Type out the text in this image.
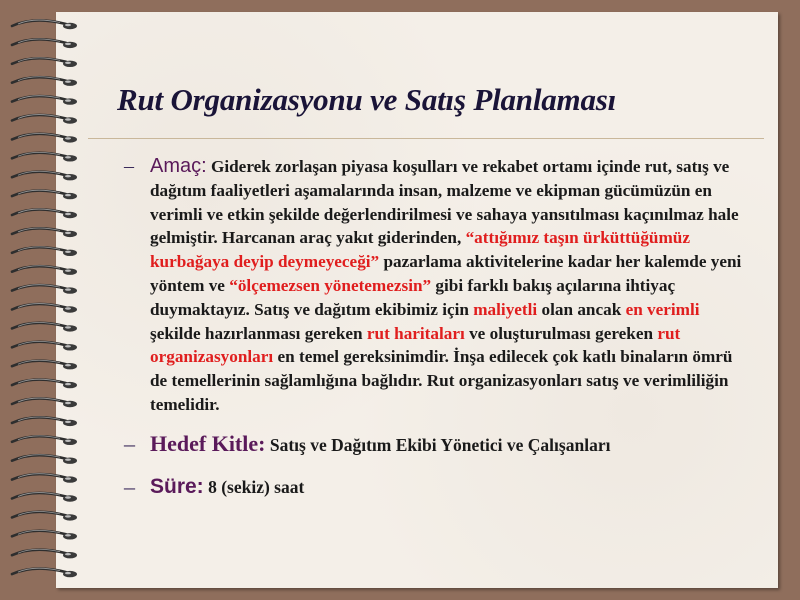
Rut Organizasyonu ve Satış Planlaması
– Amaç: Giderek zorlaşan piyasa koşulları ve rekabet ortamı içinde rut, satış ve dağıtım faaliyetleri aşamalarında insan, malzeme ve ekipman gücümüzün en verimli ve etkin şekilde değerlendirilmesi ve sahaya yansıtılması kaçınılmaz hale gelmiştir. Harcanan araç yakıt giderinden, “attığımız taşın ürküttüğümüz kurbağaya deyip deymeyeceği” pazarlama aktivitelerine kadar her kalemde yeni yöntem ve “ölçemezsen yönetemezsin” gibi farklı bakış açılarına ihtiyaç duymaktayız. Satış ve dağıtım ekibimiz için maliyetli olan ancak en verimli şekilde hazırlanması gereken rut haritaları ve oluşturulması gereken rut organizasyonları en temel gereksinimdir. İnşa edilecek çok katlı binaların ömrü de temellerinin sağlamlığına bağlıdır. Rut organizasyonları satış ve verimliliğin temelidir.
– Hedef Kitle: Satış ve Dağıtım Ekibi Yönetici ve Çalışanları
– Süre: 8 (sekiz) saat
